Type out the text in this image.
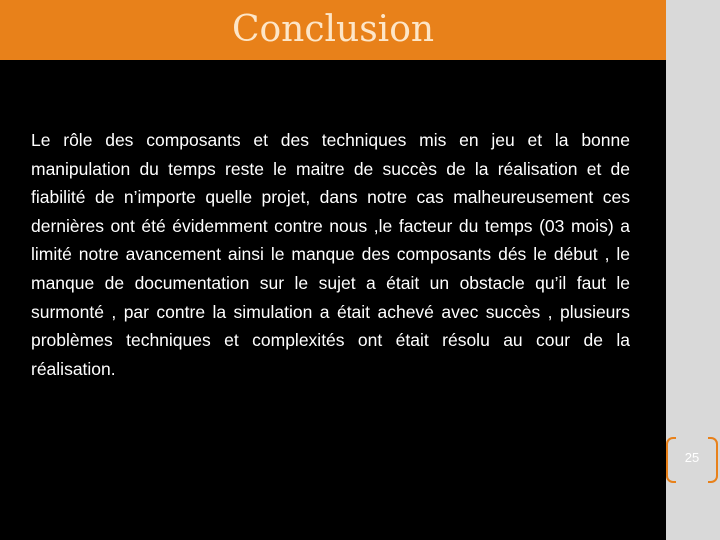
Conclusion

Le rôle des composants et des techniques mis en jeu et la bonne manipulation du temps reste le maitre de succès de la réalisation et de fiabilité de n’importe quelle projet, dans notre cas malheureusement ces dernières ont été évidemment contre nous ,le facteur du temps (03 mois) a limité notre avancement ainsi le manque des composants dés le début , le manque de documentation sur le sujet a était un obstacle qu’il faut le surmonté , par contre la simulation a était achevé avec succès , plusieurs problèmes techniques et complexités ont était résolu au cour de la réalisation.

25
